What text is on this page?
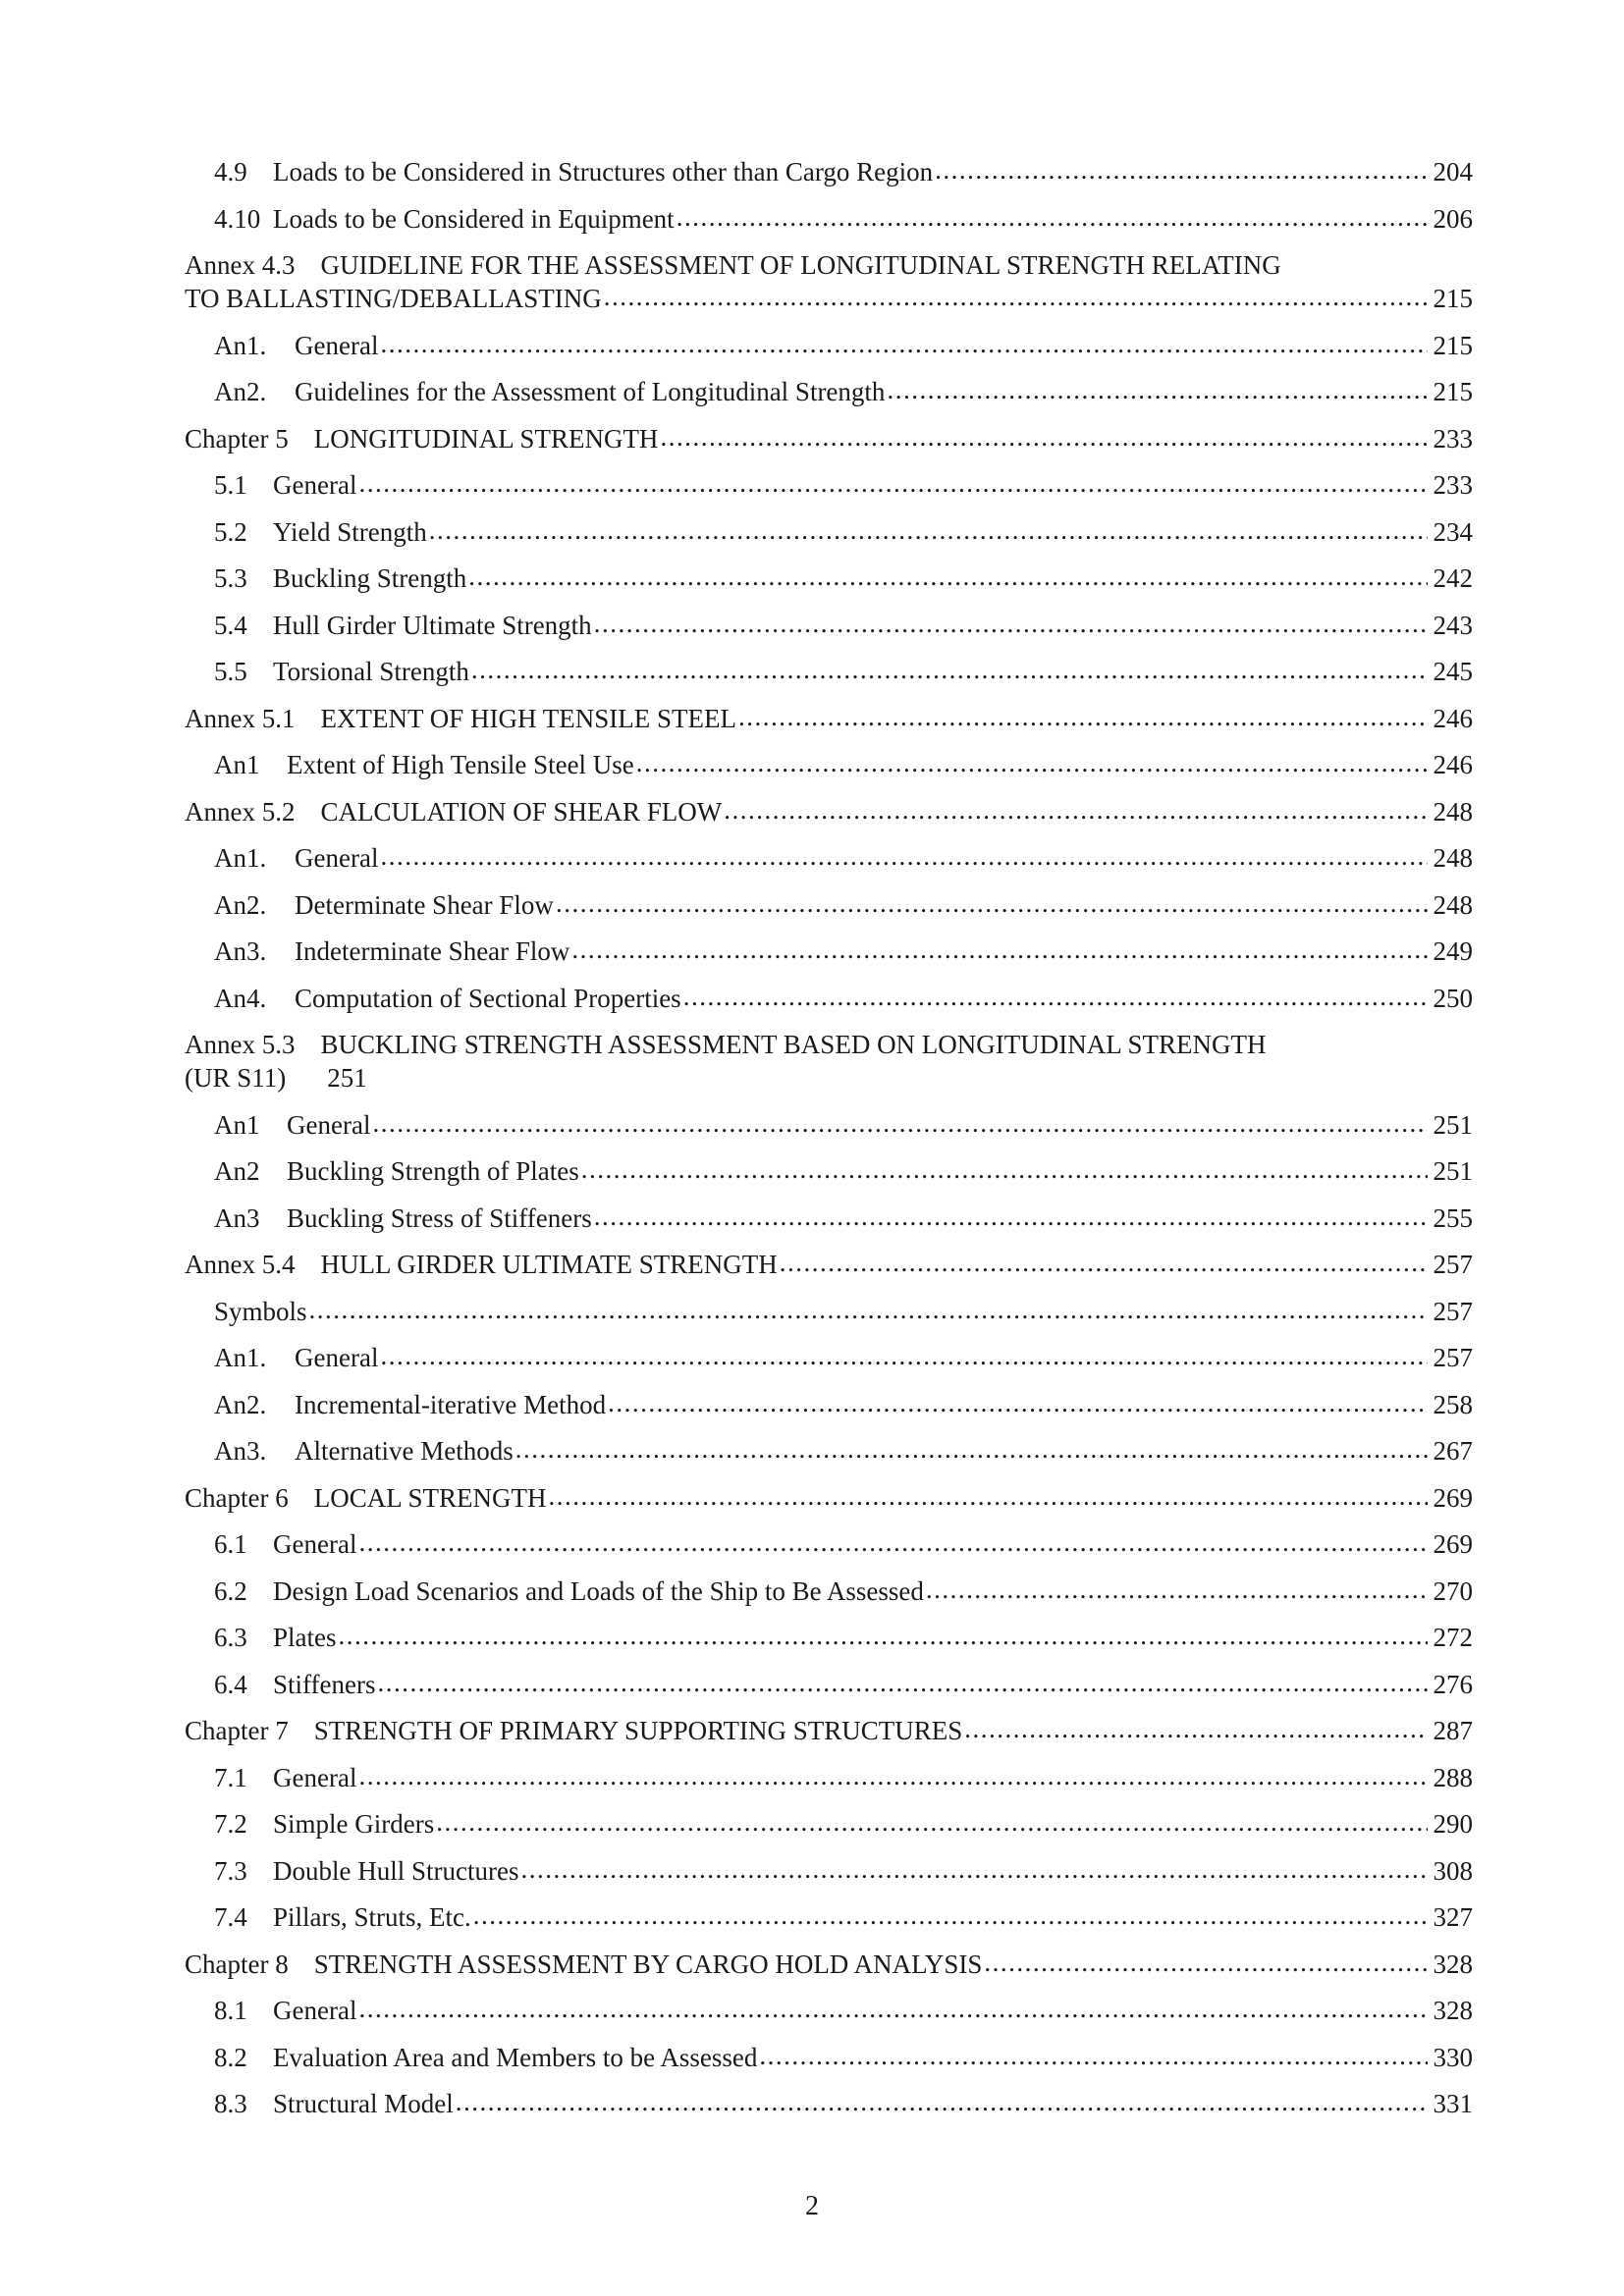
4.9 Loads to be Considered in Structures other than Cargo Region .....	204
4.10 Loads to be Considered in Equipment .....	206
Annex 4.3 GUIDELINE FOR THE ASSESSMENT OF LONGITUDINAL STRENGTH RELATING
TO BALLASTING/DEBALLASTING .....	215
An1.	General .....	215
An2.	Guidelines for the Assessment of Longitudinal Strength .....	215
Chapter 5 LONGITUDINAL STRENGTH .....	233
5.1 General .....	233
5.2 Yield Strength .....	234
5.3 Buckling Strength .....	242
5.4 Hull Girder Ultimate Strength .....	243
5.5 Torsional Strength .....	245
Annex 5.1 EXTENT OF HIGH TENSILE STEEL .....	246
An1	Extent of High Tensile Steel Use .....	246
Annex 5.2 CALCULATION OF SHEAR FLOW .....	248
An1.	General .....	248
An2.	Determinate Shear Flow .....	248
An3.	Indeterminate Shear Flow .....	249
An4.	Computation of Sectional Properties .....	250
Annex 5.3 BUCKLING STRENGTH ASSESSMENT BASED ON LONGITUDINAL STRENGTH
(UR S11) 251
An1	General .....	251
An2	Buckling Strength of Plates .....	251
An3	Buckling Stress of Stiffeners .....	255
Annex 5.4 HULL GIRDER ULTIMATE STRENGTH .....	257
Symbols .....	257
An1.	General .....	257
An2.	Incremental-iterative Method .....	258
An3.	Alternative Methods .....	267
Chapter 6 LOCAL STRENGTH .....	269
6.1 General .....	269
6.2 Design Load Scenarios and Loads of the Ship to Be Assessed .....	270
6.3 Plates .....	272
6.4 Stiffeners .....	276
Chapter 7 STRENGTH OF PRIMARY SUPPORTING STRUCTURES .....	287
7.1 General .....	288
7.2 Simple Girders .....	290
7.3 Double Hull Structures .....	308
7.4 Pillars, Struts, Etc. .....	327
Chapter 8 STRENGTH ASSESSMENT BY CARGO HOLD ANALYSIS .....	328
8.1 General .....	328
8.2 Evaluation Area and Members to be Assessed .....	330
8.3 Structural Model .....	331
2
